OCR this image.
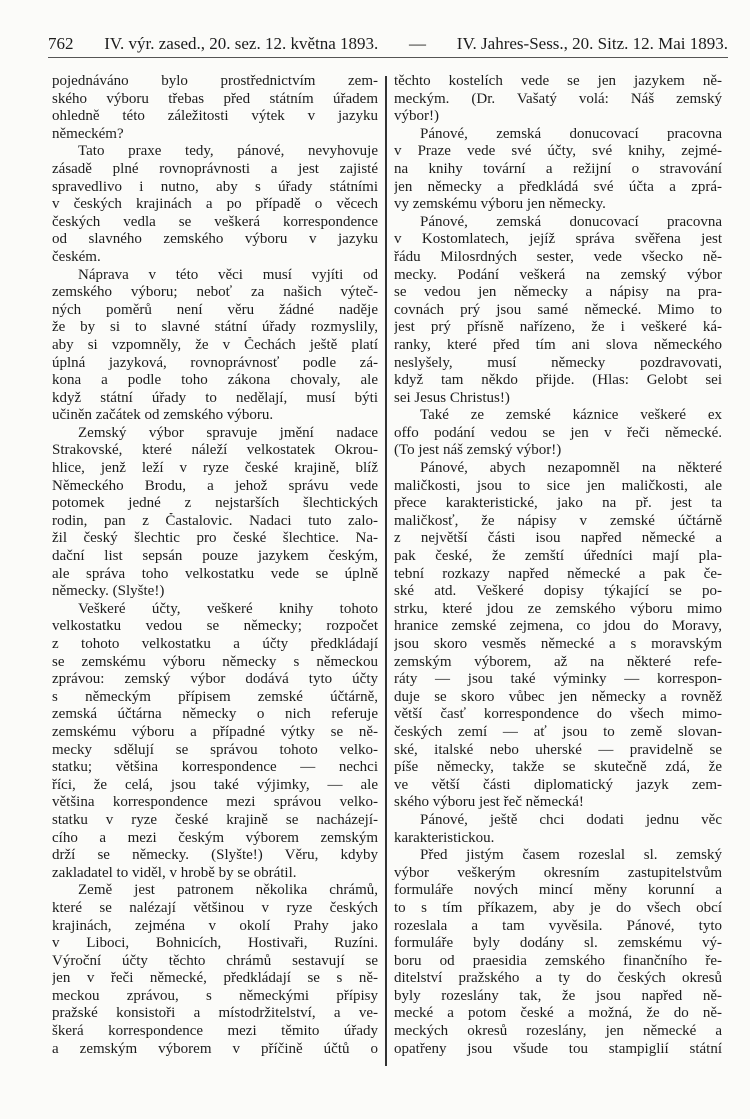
762 IV. výr. zased., 20. sez. 12. května 1893. — IV. Jahres-Sess., 20. Sitz. 12. Mai 1893.
pojednáváno bylo prostřednictvím zem-
ského výboru třebas před státním úřadem
ohledně této záležitosti výtek v jazyku
německém?
Tato praxe tedy, pánové, nevyhovuje
zásadě plné rovnoprávnosti a jest zajisté
spravedlivo i nutno, aby s úřady státními
v českých krajinách a po případě o věcech
českých vedla se veškerá korrespondence
od slavného zemského výboru v jazyku
českém.
Náprava v této věci musí vyjíti od
zemského výboru; neboť za našich výteč-
ných poměrů není věru žádné naděje
že by si to slavné státní úřady rozmyslily,
aby si vzpomněly, že v Čechách ještě platí
úplná jazyková, rovnoprávnosť podle zá-
kona a podle toho zákona chovaly, ale
když státní úřady to nedělají, musí býti
učiněn začátek od zemského výboru.
Zemský výbor spravuje jmění nadace
Strakovské, které náleží velkostatek Okrou-
hlice, jenž leží v ryze české krajině, blíž
Německého Brodu, a jehož správu vede
potomek jedné z nejstarších šlechtických
rodin, pan z Častalovic. Nadaci tuto zalo-
žil český šlechtic pro české šlechtice. Na-
dační list sepsán pouze jazykem českým,
ale správa toho velkostatku vede se úplně
německy. (Slyšte!)
Veškeré účty, veškeré knihy tohoto
velkostatku vedou se německy; rozpočet
z tohoto velkostatku a účty předkládají
se zemskému výboru německy s německou
zprávou: zemský výbor dodává tyto účty
s německým přípisem zemské účtárně,
zemská účtárna německy o nich referuje
zemskému výboru a případné výtky se ně-
mecky sdělují se správou tohoto velko-
statku; většina korrespondence — nechci
říci, že celá, jsou také výjimky, — ale
většina korrespondence mezi správou velko-
statku v ryze české krajině se nacházejí-
cího a mezi českým výborem zemským
drží se německy. (Slyšte!) Věru, kdyby
zakladatel to viděl, v hrobě by se obrátil.
Země jest patronem několika chrámů,
které se nalézají většinou v ryze českých
krajinách, zejména v okolí Prahy jako
v Liboci, Bohnicích, Hostivaři, Ruzíni.
Výroční účty těchto chrámů sestavují se
jen v řeči německé, předkládají se s ně-
meckou zprávou, s německými přípisy
pražské konsistoři a místodržitelství, a ve-
škerá korrespondence mezi těmito úřady
a zemským výborem v příčině účtů o
těchto kostelích vede se jen jazykem ně-
meckým. (Dr. Vašatý volá: Náš zemský
výbor!)
Pánové, zemská donucovací pracovna
v Praze vede své účty, své knihy, zejmé-
na knihy tovární a režijní o stravování
jen německy a předkládá své účta a zprá-
vy zemskému výboru jen německy.
Pánové, zemská donucovací pracovna
v Kostomlatech, jejíž správa svěřena jest
řádu Milosrdných sester, vede všecko ně-
mecky. Podání veškerá na zemský výbor
se vedou jen německy a nápisy na pra-
covnách prý jsou samé německé. Mimo to
jest prý přísně nařízeno, že i veškeré ká-
ranky, které před tím ani slova německého
neslyšely, musí německy pozdravovati,
když tam někdo přijde. (Hlas: Gelobt sei
sei Jesus Christus!)
Také ze zemské káznice veškeré ex
offo podání vedou se jen v řeči německé.
(To jest náš zemský výbor!)
Pánové, abych nezapomněl na některé
maličkosti, jsou to sice jen maličkosti, ale
přece karakteristické, jako na př. jest ta
maličkosť, že nápisy v zemské účtárně
z největší části isou napřed německé a
pak české, že zemští úředníci mají pla-
tební rozkazy napřed německé a pak če-
ské atd. Veškeré dopisy týkající se po-
strku, které jdou ze zemského výboru mimo
hranice zemské zejmena, co jdou do Moravy,
jsou skoro vesměs německé a s moravským
zemským výborem, až na některé refe-
ráty — jsou také výminky — korrespon-
duje se skoro vůbec jen německy a rovněž
větší časť korrespondence do všech mimo-
českých zemí — ať jsou to země slovan-
ské, italské nebo uherské — pravidelně se
píše německy, takže se skutečně zdá, že
ve větší části diplomatický jazyk zem-
ského výboru jest řeč německá!
Pánové, ještě chci dodati jednu věc
karakteristickou.
Před jistým časem rozeslal sl. zemský
výbor veškerým okresním zastupitelstvům
formuláře nových mincí měny korunní a
to s tím příkazem, aby je do všech obcí
rozeslala a tam vyvěsila. Pánové, tyto
formuláře byly dodány sl. zemskému vý-
boru od praesidia zemského finančního ře-
ditelství pražského a ty do českých okresů
byly rozeslány tak, že jsou napřed ně-
mecké a potom české a možná, že do ně-
meckých okresů rozeslány, jen německé a
opatřeny jsou všude tou stampiglií státní
